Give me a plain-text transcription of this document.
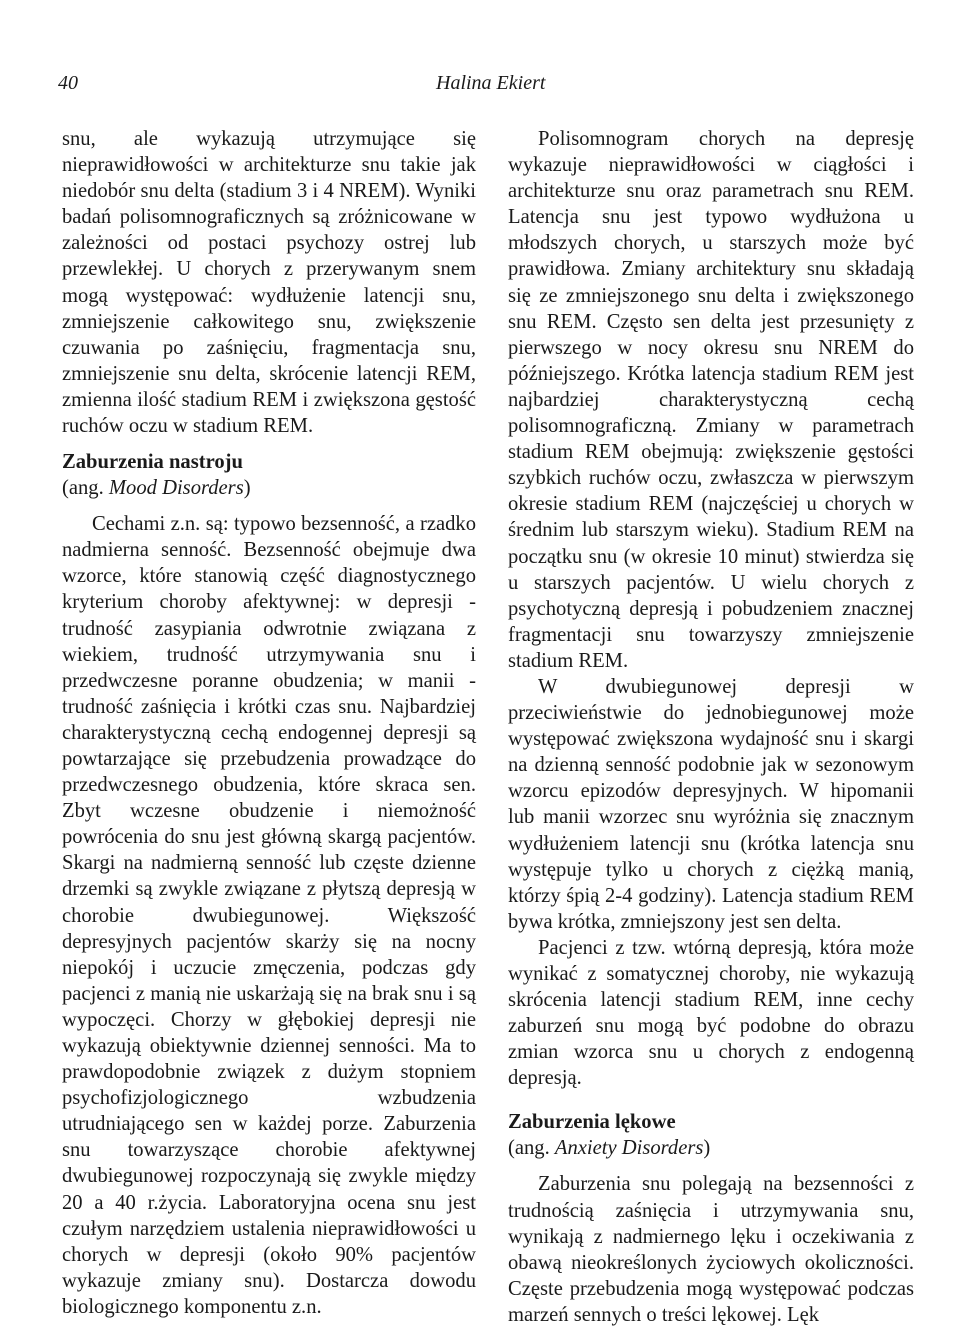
40	Halina Ekiert

snu, ale wykazują utrzymujące się nieprawidłowości w architekturze snu takie jak niedobór snu delta (stadium 3 i 4 NREM). Wyniki badań polisomnograficznych są zróżnicowane w zależności od postaci psychozy ostrej lub przewlekłej. U chorych z przerywanym snem mogą występować: wydłużenie latencji snu, zmniejszenie całkowitego snu, zwiększenie czuwania po zaśnięciu, fragmentacja snu, zmniejszenie snu delta, skrócenie latencji REM, zmienna ilość stadium REM i zwiększona gęstość ruchów oczu w stadium REM.

Zaburzenia nastroju
(ang. Mood Disorders)

Cechami z.n. są: typowo bezsenność, a rzadko nadmierna senność. Bezsenność obejmuje dwa wzorce, które stanowią część diagnostycznego kryterium choroby afektywnej: w depresji - trudność zasypiania odwrotnie związana z wiekiem, trudność utrzymywania snu i przedwczesne poranne obudzenia; w manii - trudność zaśnięcia i krótki czas snu. Najbardziej charakterystyczną cechą endogennej depresji są powtarzające się przebudzenia prowadzące do przedwczesnego obudzenia, które skraca sen. Zbyt wczesne obudzenie i niemożność powrócenia do snu jest główną skargą pacjentów. Skargi na nadmierną senność lub częste dzienne drzemki są zwykle związane z płytszą depresją w chorobie dwubiegunowej. Większość depresyjnych pacjentów skarży się na nocny niepokój i uczucie zmęczenia, podczas gdy pacjenci z manią nie uskarżają się na brak snu i są wypoczęci. Chorzy w głębokiej depresji nie wykazują obiektywnie dziennej senności. Ma to prawdopodobnie związek z dużym stopniem psychofizjologicznego wzbudzenia utrudniającego sen w każdej porze. Zaburzenia snu towarzyszące chorobie afektywnej dwubiegunowej rozpoczynają się zwykle między 20 a 40 r.życia. Laboratoryjna ocena snu jest czułym narzędziem ustalenia nieprawidłowości u chorych w depresji (około 90% pacjentów wykazuje zmiany snu). Dostarcza dowodu biologicznego komponentu z.n.

Polisomnogram chorych na depresję wykazuje nieprawidłowości w ciągłości i architekturze snu oraz parametrach snu REM. Latencja snu jest typowo wydłużona u młodszych chorych, u starszych może być prawidłowa. Zmiany architektury snu składają się ze zmniejszonego snu delta i zwiększonego snu REM. Często sen delta jest przesunięty z pierwszego w nocy okresu snu NREM do późniejszego. Krótka latencja stadium REM jest najbardziej charakterystyczną cechą polisomnograficzną. Zmiany w parametrach stadium REM obejmują: zwiększenie gęstości szybkich ruchów oczu, zwłaszcza w pierwszym okresie stadium REM (najczęściej u chorych w średnim lub starszym wieku). Stadium REM na początku snu (w okresie 10 minut) stwierdza się u starszych pacjentów. U wielu chorych z psychotyczną depresją i pobudzeniem znacznej fragmentacji snu towarzyszy zmniejszenie stadium REM.

W dwubiegunowej depresji w przeciwieństwie do jednobiegunowej może występować zwiększona wydajność snu i skargi na dzienną senność podobnie jak w sezonowym wzorcu epizodów depresyjnych. W hipomanii lub manii wzorzec snu wyróżnia się znacznym wydłużeniem latencji snu (krótka latencja snu występuje tylko u chorych z ciężką manią, którzy śpią 2-4 godziny). Latencja stadium REM bywa krótka, zmniejszony jest sen delta.

Pacjenci z tzw. wtórną depresją, która może wynikać z somatycznej choroby, nie wykazują skrócenia latencji stadium REM, inne cechy zaburzeń snu mogą być podobne do obrazu zmian wzorca snu u chorych z endogenną depresją.

Zaburzenia lękowe
(ang. Anxiety Disorders)

Zaburzenia snu polegają na bezsenności z trudnością zaśnięcia i utrzymywania snu, wynikają z nadmiernego lęku i oczekiwania z obawą nieokreślonych życiowych okoliczności. Częste przebudzenia mogą występować podczas marzeń sennych o treści lękowej. Lęk
